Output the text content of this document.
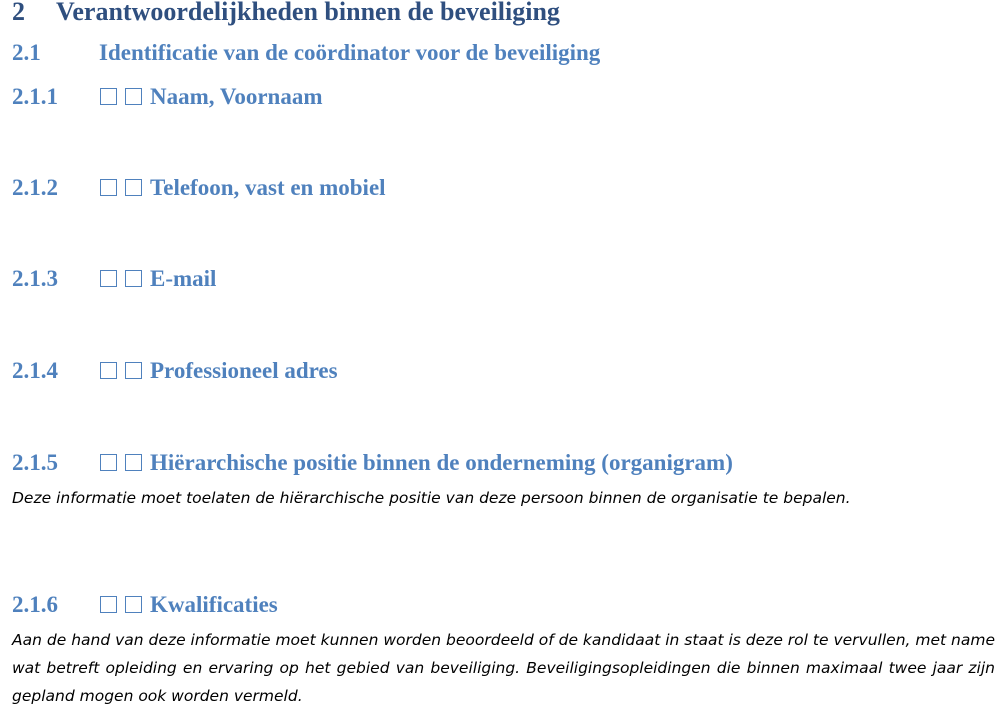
2 Verantwoordelijkheden binnen de beveiliging
2.1	Identificatie van de coördinator voor de beveiliging
2.1.1	Naam, Voornaam
2.1.2	Telefoon, vast en mobiel
2.1.3	E-mail
2.1.4	Professioneel adres
2.1.5	Hiërarchische positie binnen de onderneming (organigram)
Deze informatie moet toelaten de hiërarchische positie van deze persoon binnen de organisatie te bepalen.
2.1.6	Kwalificaties
Aan de hand van deze informatie moet kunnen worden beoordeeld of de kandidaat in staat is deze rol te vervullen, met name wat betreft opleiding en ervaring op het gebied van beveiliging. Beveiligingsopleidingen die binnen maximaal twee jaar zijn gepland mogen ook worden vermeld.
